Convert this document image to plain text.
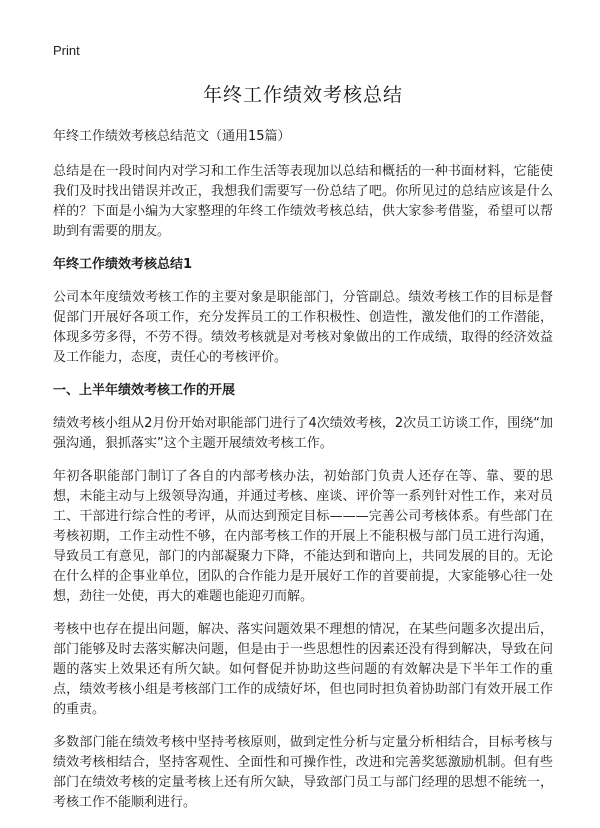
Print
年终工作绩效考核总结
年终工作绩效考核总结范文（通用15篇）

总结是在一段时间内对学习和工作生活等表现加以总结和概括的一种书面材料，它能使我们及时找出错误并改正，我想我们需要写一份总结了吧。你所见过的总结应该是什么样的？下面是小编为大家整理的年终工作绩效考核总结，供大家参考借鉴，希望可以帮助到有需要的朋友。

年终工作绩效考核总结1

公司本年度绩效考核工作的主要对象是职能部门，分管副总。绩效考核工作的目标是督促部门开展好各项工作，充分发挥员工的工作积极性、创造性，激发他们的工作潜能，体现多劳多得，不劳不得。绩效考核就是对考核对象做出的工作成绩，取得的经济效益及工作能力，态度，责任心的考核评价。

一、上半年绩效考核工作的开展

绩效考核小组从2月份开始对职能部门进行了4次绩效考核，2次员工访谈工作，围绕“加强沟通，狠抓落实”这个主题开展绩效考核工作。

年初各职能部门制订了各自的内部考核办法，初始部门负责人还存在等、靠、要的思想，未能主动与上级领导沟通，并通过考核、座谈、评价等一系列针对性工作，来对员工、干部进行综合性的考评，从而达到预定目标———完善公司考核体系。有些部门在考核初期，工作主动性不够，在内部考核工作的开展上不能积极与部门员工进行沟通，导致员工有意见，部门的内部凝聚力下降，不能达到和谐向上，共同发展的目的。无论在什么样的企事业单位，团队的合作能力是开展好工作的首要前提，大家能够心往一处想，劲往一处使，再大的难题也能迎刃而解。

考核中也存在提出问题，解决、落实问题效果不理想的情况，在某些问题多次提出后，部门能够及时去落实解决问题，但是由于一些思想性的因素还没有得到解决，导致在问题的落实上效果还有所欠缺。如何督促并协助这些问题的有效解决是下半年工作的重点，绩效考核小组是考核部门工作的成绩好坏，但也同时担负着协助部门有效开展工作的重责。

多数部门能在绩效考核中坚持考核原则，做到定性分析与定量分析相结合，目标考核与绩效考核相结合，坚持客观性、全面性和可操作性，改进和完善奖惩激励机制。但有些部门在绩效考核的定量考核上还有所欠缺，导致部门员工与部门经理的思想不能统一，考核工作不能顺利进行。
